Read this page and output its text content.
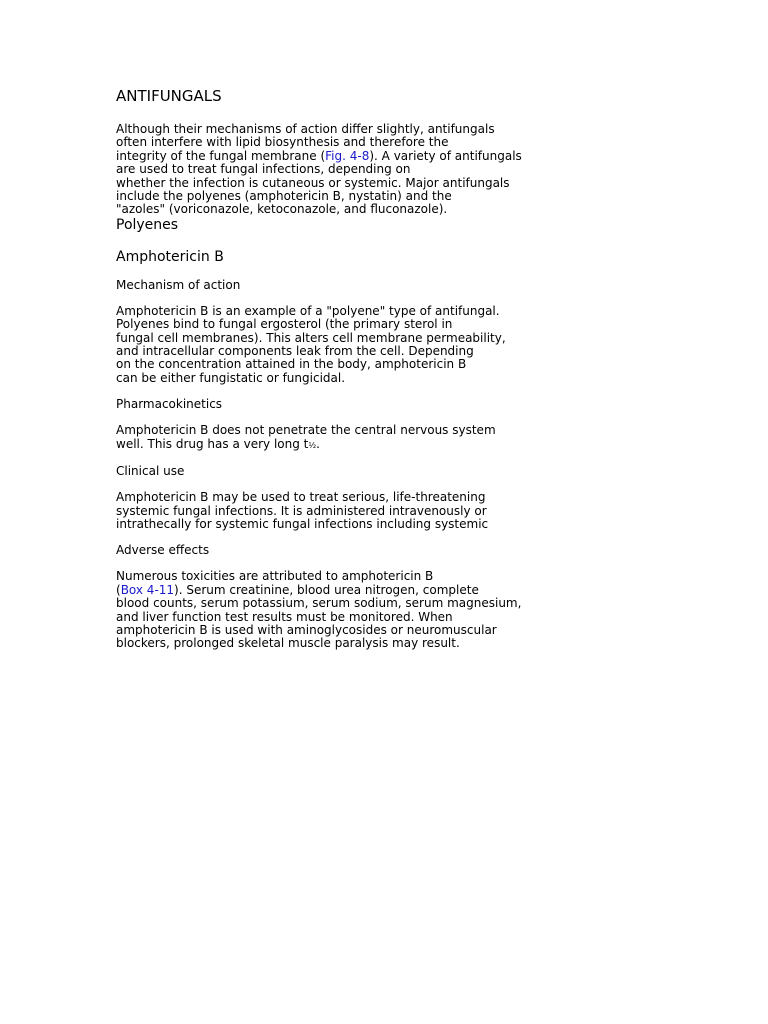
ANTIFUNGALS
Although their mechanisms of action differ slightly, antifungals
often interfere with lipid biosynthesis and therefore the
integrity of the fungal membrane (Fig. 4-8). A variety of antifungals
are used to treat fungal infections, depending on
whether the infection is cutaneous or systemic. Major antifungals
include the polyenes (amphotericin B, nystatin) and the
"azoles" (voriconazole, ketoconazole, and fluconazole).
Polyenes
Amphotericin B
Mechanism of action
Amphotericin B is an example of a "polyene" type of antifungal.
Polyenes bind to fungal ergosterol (the primary sterol in
fungal cell membranes). This alters cell membrane permeability,
and intracellular components leak from the cell. Depending
on the concentration attained in the body, amphotericin B
can be either fungistatic or fungicidal.
Pharmacokinetics
Amphotericin B does not penetrate the central nervous system
well. This drug has a very long t½.
Clinical use
Amphotericin B may be used to treat serious, life-threatening
systemic fungal infections. It is administered intravenously or
intrathecally for systemic fungal infections including systemic
Adverse effects
Numerous toxicities are attributed to amphotericin B
(Box 4-11). Serum creatinine, blood urea nitrogen, complete
blood counts, serum potassium, serum sodium, serum magnesium,
and liver function test results must be monitored. When
amphotericin B is used with aminoglycosides or neuromuscular
blockers, prolonged skeletal muscle paralysis may result.
